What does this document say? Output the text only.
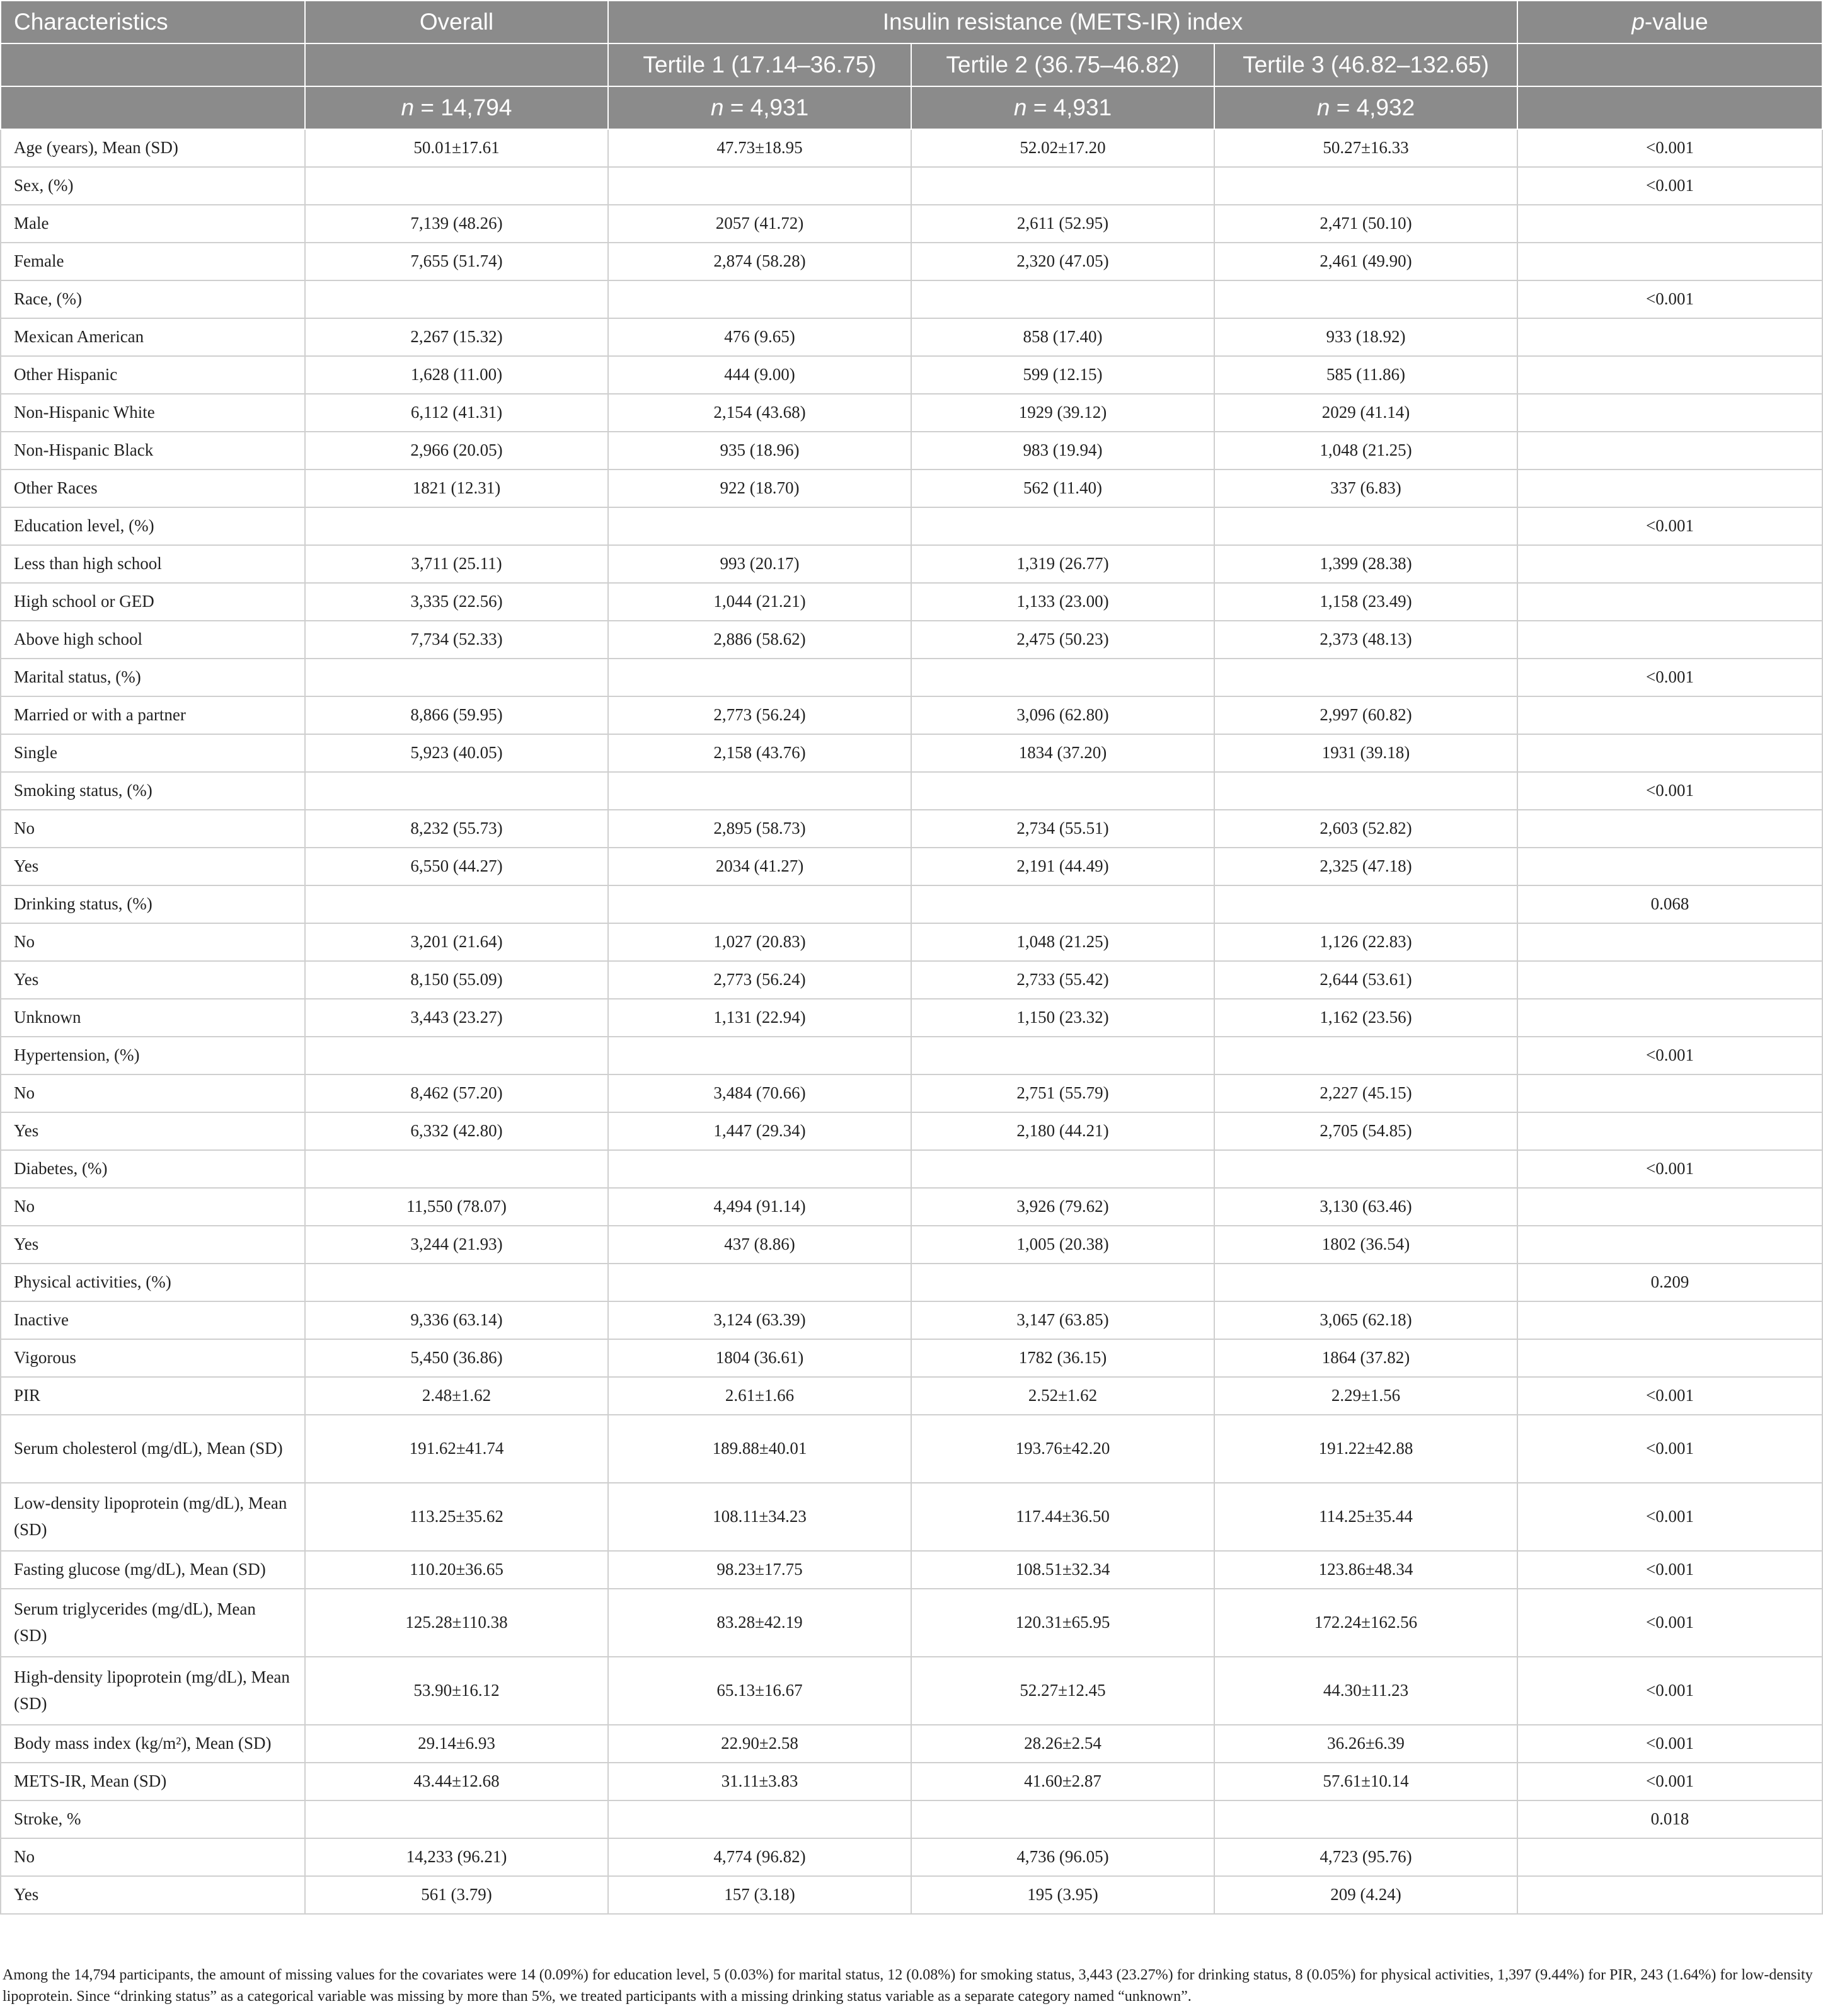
Characteristics	Overall	Insulin resistance (METS-IR) index			p-value
		Tertile 1 (17.14–36.75)	Tertile 2 (36.75–46.82)	Tertile 3 (46.82–132.65)	
	n = 14,794	n = 4,931	n = 4,931	n = 4,932	
Age (years), Mean (SD)	50.01±17.61	47.73±18.95	52.02±17.20	50.27±16.33	<0.001
Sex, (%)					<0.001
Male	7,139 (48.26)	2057 (41.72)	2,611 (52.95)	2,471 (50.10)	
Female	7,655 (51.74)	2,874 (58.28)	2,320 (47.05)	2,461 (49.90)	
Race, (%)					<0.001
Mexican American	2,267 (15.32)	476 (9.65)	858 (17.40)	933 (18.92)	
Other Hispanic	1,628 (11.00)	444 (9.00)	599 (12.15)	585 (11.86)	
Non-Hispanic White	6,112 (41.31)	2,154 (43.68)	1929 (39.12)	2029 (41.14)	
Non-Hispanic Black	2,966 (20.05)	935 (18.96)	983 (19.94)	1,048 (21.25)	
Other Races	1821 (12.31)	922 (18.70)	562 (11.40)	337 (6.83)	
Education level, (%)					<0.001
Less than high school	3,711 (25.11)	993 (20.17)	1,319 (26.77)	1,399 (28.38)	
High school or GED	3,335 (22.56)	1,044 (21.21)	1,133 (23.00)	1,158 (23.49)	
Above high school	7,734 (52.33)	2,886 (58.62)	2,475 (50.23)	2,373 (48.13)	
Marital status, (%)					<0.001
Married or with a partner	8,866 (59.95)	2,773 (56.24)	3,096 (62.80)	2,997 (60.82)	
Single	5,923 (40.05)	2,158 (43.76)	1834 (37.20)	1931 (39.18)	
Smoking status, (%)					<0.001
No	8,232 (55.73)	2,895 (58.73)	2,734 (55.51)	2,603 (52.82)	
Yes	6,550 (44.27)	2034 (41.27)	2,191 (44.49)	2,325 (47.18)	
Drinking status, (%)					0.068
No	3,201 (21.64)	1,027 (20.83)	1,048 (21.25)	1,126 (22.83)	
Yes	8,150 (55.09)	2,773 (56.24)	2,733 (55.42)	2,644 (53.61)	
Unknown	3,443 (23.27)	1,131 (22.94)	1,150 (23.32)	1,162 (23.56)	
Hypertension, (%)					<0.001
No	8,462 (57.20)	3,484 (70.66)	2,751 (55.79)	2,227 (45.15)	
Yes	6,332 (42.80)	1,447 (29.34)	2,180 (44.21)	2,705 (54.85)	
Diabetes, (%)					<0.001
No	11,550 (78.07)	4,494 (91.14)	3,926 (79.62)	3,130 (63.46)	
Yes	3,244 (21.93)	437 (8.86)	1,005 (20.38)	1802 (36.54)	
Physical activities, (%)					0.209
Inactive	9,336 (63.14)	3,124 (63.39)	3,147 (63.85)	3,065 (62.18)	
Vigorous	5,450 (36.86)	1804 (36.61)	1782 (36.15)	1864 (37.82)	
PIR	2.48±1.62	2.61±1.66	2.52±1.62	2.29±1.56	<0.001
Serum cholesterol (mg/dL), Mean (SD)	191.62±41.74	189.88±40.01	193.76±42.20	191.22±42.88	<0.001
Low-density lipoprotein (mg/dL), Mean (SD)	113.25±35.62	108.11±34.23	117.44±36.50	114.25±35.44	<0.001
Fasting glucose (mg/dL), Mean (SD)	110.20±36.65	98.23±17.75	108.51±32.34	123.86±48.34	<0.001
Serum triglycerides (mg/dL), Mean (SD)	125.28±110.38	83.28±42.19	120.31±65.95	172.24±162.56	<0.001
High-density lipoprotein (mg/dL), Mean (SD)	53.90±16.12	65.13±16.67	52.27±12.45	44.30±11.23	<0.001
Body mass index (kg/m²), Mean (SD)	29.14±6.93	22.90±2.58	28.26±2.54	36.26±6.39	<0.001
METS-IR, Mean (SD)	43.44±12.68	31.11±3.83	41.60±2.87	57.61±10.14	<0.001
Stroke, %					0.018
No	14,233 (96.21)	4,774 (96.82)	4,736 (96.05)	4,723 (95.76)	
Yes	561 (3.79)	157 (3.18)	195 (3.95)	209 (4.24)	
Among the 14,794 participants, the amount of missing values for the covariates were 14 (0.09%) for education level, 5 (0.03%) for marital status, 12 (0.08%) for smoking status, 3,443 (23.27%) for drinking status, 8 (0.05%) for physical activities, 1,397 (9.44%) for PIR, 243 (1.64%) for low-density lipoprotein. Since “drinking status” as a categorical variable was missing by more than 5%, we treated participants with a missing drinking status variable as a separate category named “unknown”.
